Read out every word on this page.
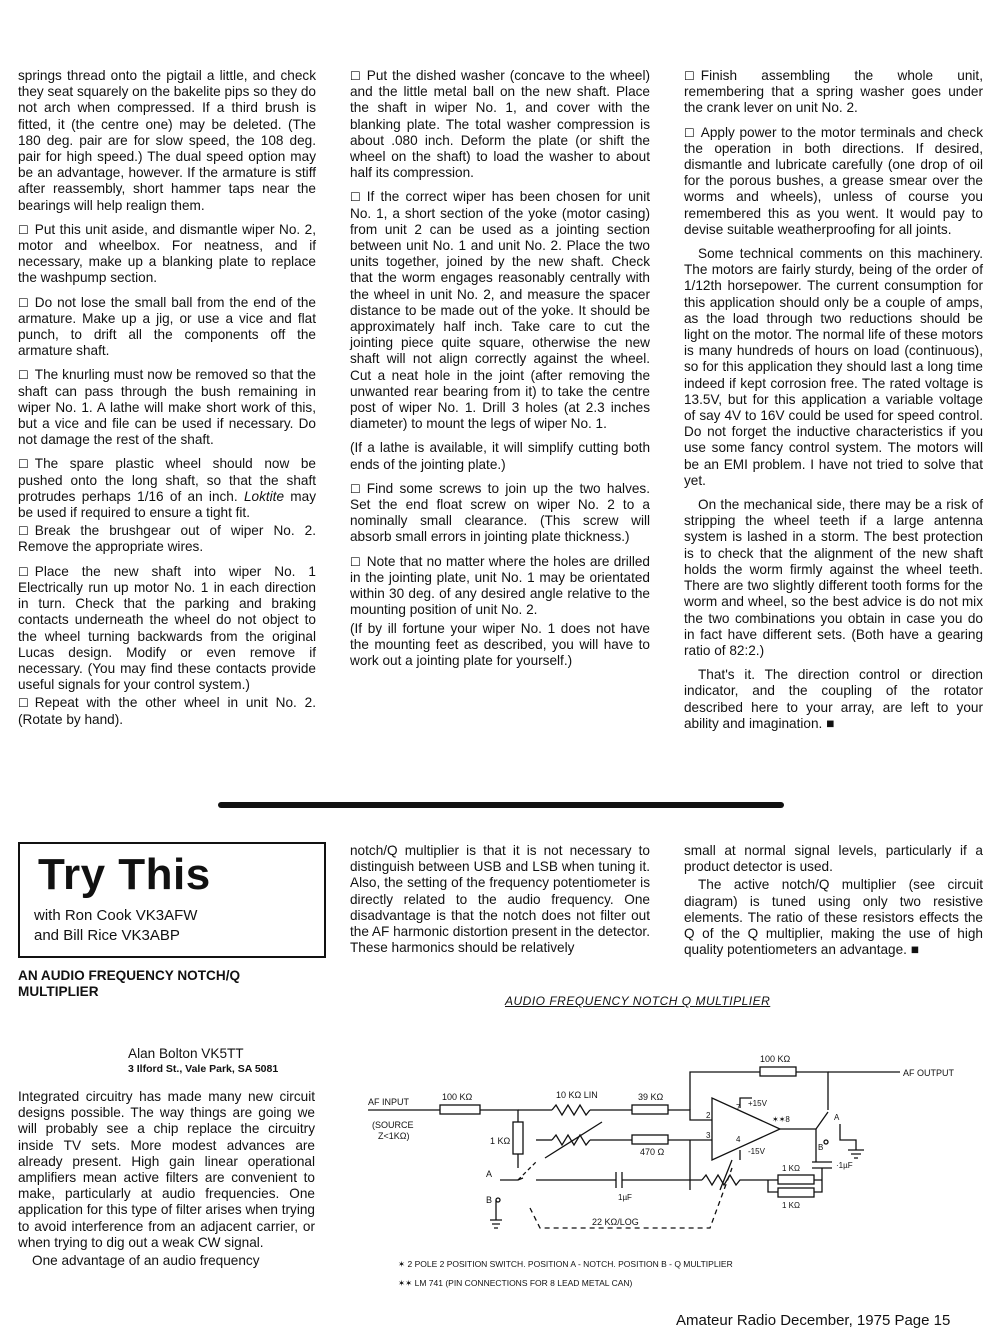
springs thread onto the pigtail a little, and check they seat squarely on the bakelite pips so they do not arch when compressed. If a third brush is fitted, it (the centre one) may be deleted. (The 180 deg. pair are for slow speed, the 108 deg. pair for high speed.) The dual speed option may be an advantage, however. If the armature is stiff after reassembly, short hammer taps near the bearings will help realign them.

☐ Put this unit aside, and dismantle wiper No. 2, motor and wheelbox. For neatness, and if necessary, make up a blanking plate to replace the washpump section.

☐ Do not lose the small ball from the end of the armature. Make up a jig, or use a vice and flat punch, to drift all the components off the armature shaft.

☐ The knurling must now be removed so that the shaft can pass through the bush remaining in wiper No. 1. A lathe will make short work of this, but a vice and file can be used if necessary. Do not damage the rest of the shaft.

☐ The spare plastic wheel should now be pushed onto the long shaft, so that the shaft protrudes perhaps 1/16 of an inch. Loktite may be used if required to ensure a tight fit.

☐ Break the brushgear out of wiper No. 2. Remove the appropriate wires.

☐ Place the new shaft into wiper No. 1 Electrically run up motor No. 1 in each direction in turn. Check that the parking and braking contacts underneath the wheel do not object to the wheel turning backwards from the original Lucas design. Modify or even remove if necessary. (You may find these contacts provide useful signals for your control system.)

☐ Repeat with the other wheel in unit No. 2. (Rotate by hand).

☐ Put the dished washer (concave to the wheel) and the little metal ball on the new shaft. Place the shaft in wiper No. 1, and cover with the blanking plate. The total washer compression is about .080 inch. Deform the plate (or shift the wheel on the shaft) to load the washer to about half its compression.

☐ If the correct wiper has been chosen for unit No. 1, a short section of the yoke (motor casing) from unit 2 can be used as a jointing section between unit No. 1 and unit No. 2. Place the two units together, joined by the new shaft. Check that the worm engages reasonably centrally with the wheel in unit No. 2, and measure the spacer distance to be made out of the yoke. It should be approximately half inch. Take care to cut the jointing piece quite square, otherwise the new shaft will not align correctly against the wheel. Cut a neat hole in the joint (after removing the unwanted rear bearing from it) to take the centre post of wiper No. 1. Drill 3 holes (at 2.3 inches diameter) to mount the legs of wiper No. 1.

(If a lathe is available, it will simplify cutting both ends of the jointing plate.)

☐ Find some screws to join up the two halves. Set the end float screw on wiper No. 2 to a nominally small clearance. (This screw will absorb small errors in jointing plate thickness.)

☐ Note that no matter where the holes are drilled in the jointing plate, unit No. 1 may be orientated within 30 deg. of any desired angle relative to the mounting position of unit No. 2.

(If by ill fortune your wiper No. 1 does not have the mounting feet as described, you will have to work out a jointing plate for yourself.)

☐ Finish assembling the whole unit, remembering that a spring washer goes under the crank lever on unit No. 2.

☐ Apply power to the motor terminals and check the operation in both directions. If desired, dismantle and lubricate carefully (one drop of oil for the porous bushes, a grease smear over the worms and wheels), unless of course you remembered this as you went. It would pay to devise suitable weatherproofing for all joints.

Some technical comments on this machinery. The motors are fairly sturdy, being of the order of 1/12th horsepower. The current consumption for this application should only be a couple of amps, as the load through two reductions should be light on the motor. The normal life of these motors is many hundreds of hours on load (continuous), so for this application they should last a long time indeed if kept corrosion free. The rated voltage is 13.5V, but for this application a variable voltage of say 4V to 16V could be used for speed control. Do not forget the inductive characteristics if you use some fancy control system. The motors will be an EMI problem. I have not tried to solve that yet.

On the mechanical side, there may be a risk of stripping the wheel teeth if a large antenna system is lashed in a storm. The best protection is to check that the alignment of the new shaft holds the worm firmly against the wheel teeth. There are two slightly different tooth forms for the worm and wheel, so the best advice is do not mix the two combinations you obtain in case you do in fact have different sets. (Both have a gearing ratio of 82:2.)

That's it. The direction control or direction indicator, and the coupling of the rotator described here to your array, are left to your ability and imagination. ■

Try This
with Ron Cook VK3AFW
and Bill Rice VK3ABP
AN AUDIO FREQUENCY NOTCH/Q MULTIPLIER
Alan Bolton VK5TT
3 Ilford St., Vale Park, SA 5081

Integrated circuitry has made many new circuit designs possible. The way things are going we will probably see a chip replace the circuitry inside TV sets. More modest advances are already present. High gain linear operational amplifiers mean active filters are convenient to make, particularly at audio frequencies. One application for this type of filter arises when trying to avoid interference from an adjacent carrier, or when trying to dig out a weak CW signal.

One advantage of an audio frequency

notch/Q multiplier is that it is not necessary to distinguish between USB and LSB when tuning it. Also, the setting of the frequency potentiometer is directly related to the audio frequency. One disadvantage is that the notch does not filter out the AF harmonic distortion present in the detector. These harmonics should be relatively

small at normal signal levels, particularly if a product detector is used.

The active notch/Q multiplier (see circuit diagram) is tuned using only two resistive elements. The ratio of these resistors effects the Q of the Q multiplier, making the use of high quality potentiometers an advantage. ■

AUDIO FREQUENCY NOTCH Q MULTIPLIER
AF INPUT
(SOURCE
Z<1KΩ)
100 KΩ
1 KΩ
A
B
10 KΩ LIN	39 KΩ
470 Ω
1µF
22 KΩ/LOG
2
3
7
4
+15V
-15V
✶✶8
100 KΩ
A
B
AF OUTPUT
·1µF
1 KΩ
1 KΩ
✶ 2 POLE 2 POSITION SWITCH. POSITION A - NOTCH. POSITION B - Q MULTIPLIER
✶✶ LM 741 (PIN CONNECTIONS FOR 8 LEAD METAL CAN)
Amateur Radio December, 1975 Page 15
